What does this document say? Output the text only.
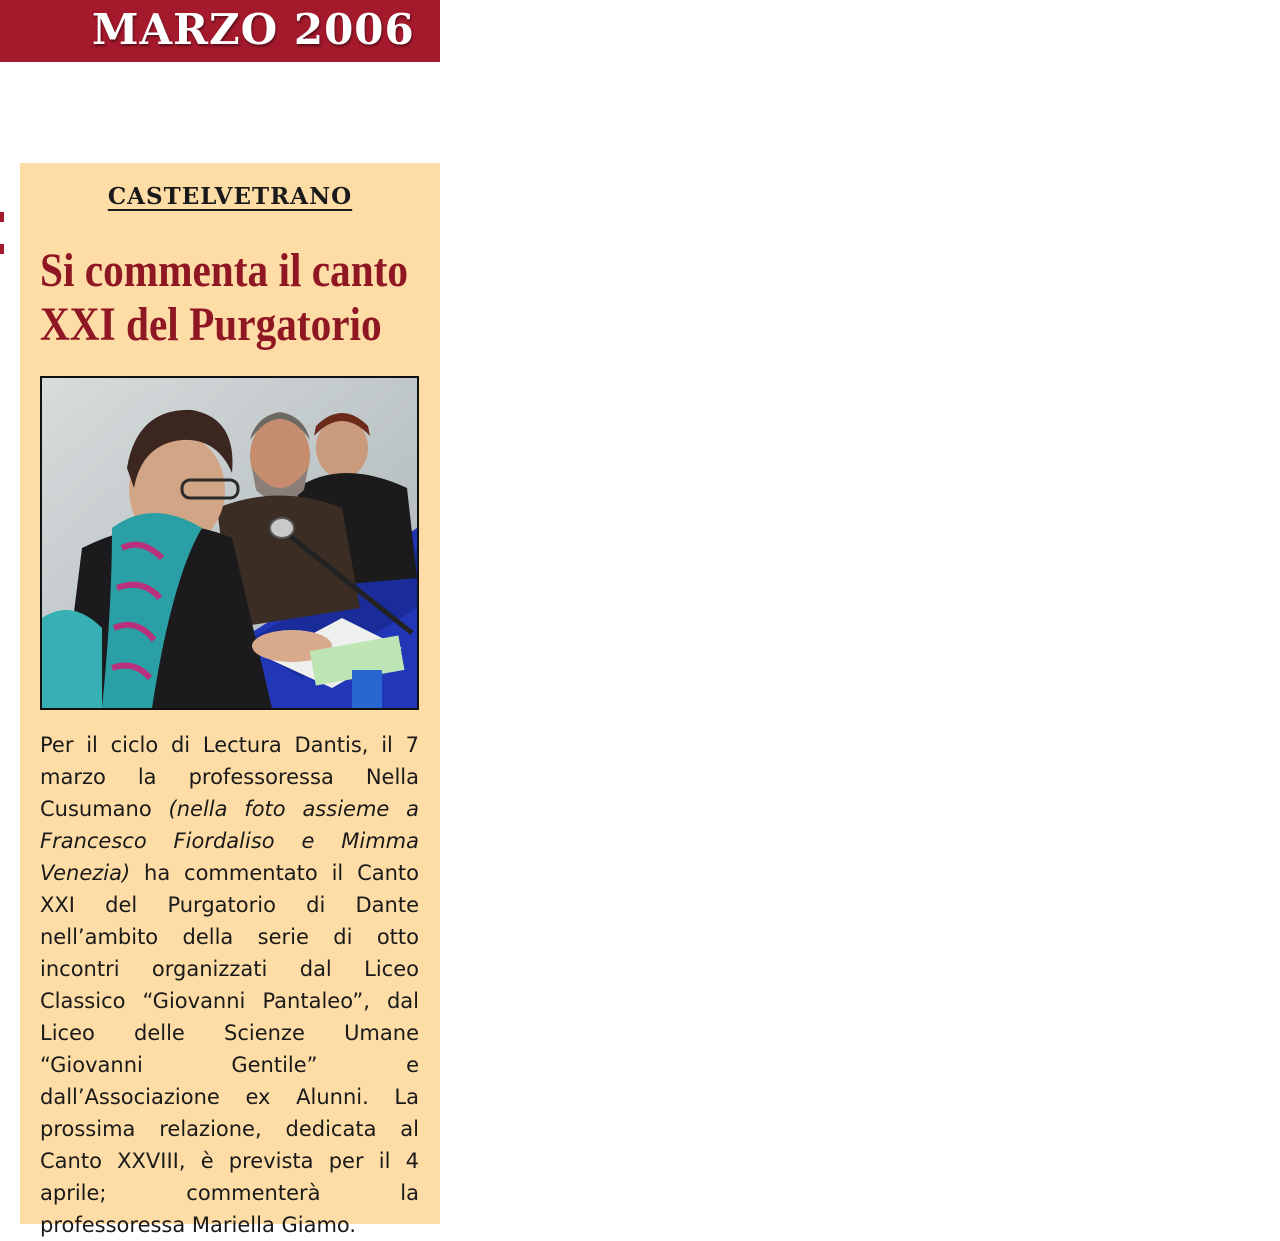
MARZO 2006
CASTELVETRANO
Si commenta il canto
XXI del Purgatorio
Per il ciclo di Lectura Dantis, il 7 marzo la professoressa Nella Cusumano (nella foto assieme a Francesco Fiordaliso e Mimma Venezia) ha commentato il Canto XXI del Purgatorio di Dante nell’ambito della serie di otto incontri organizzati dal Liceo Classico “Giovanni Pantaleo”, dal Liceo delle Scienze Umane “Giovanni Gentile” e dall’Associazione ex Alunni. La prossima relazione, dedicata al Canto XXVIII, è prevista per il 4 aprile; commenterà la professoressa Mariella Giamo.
